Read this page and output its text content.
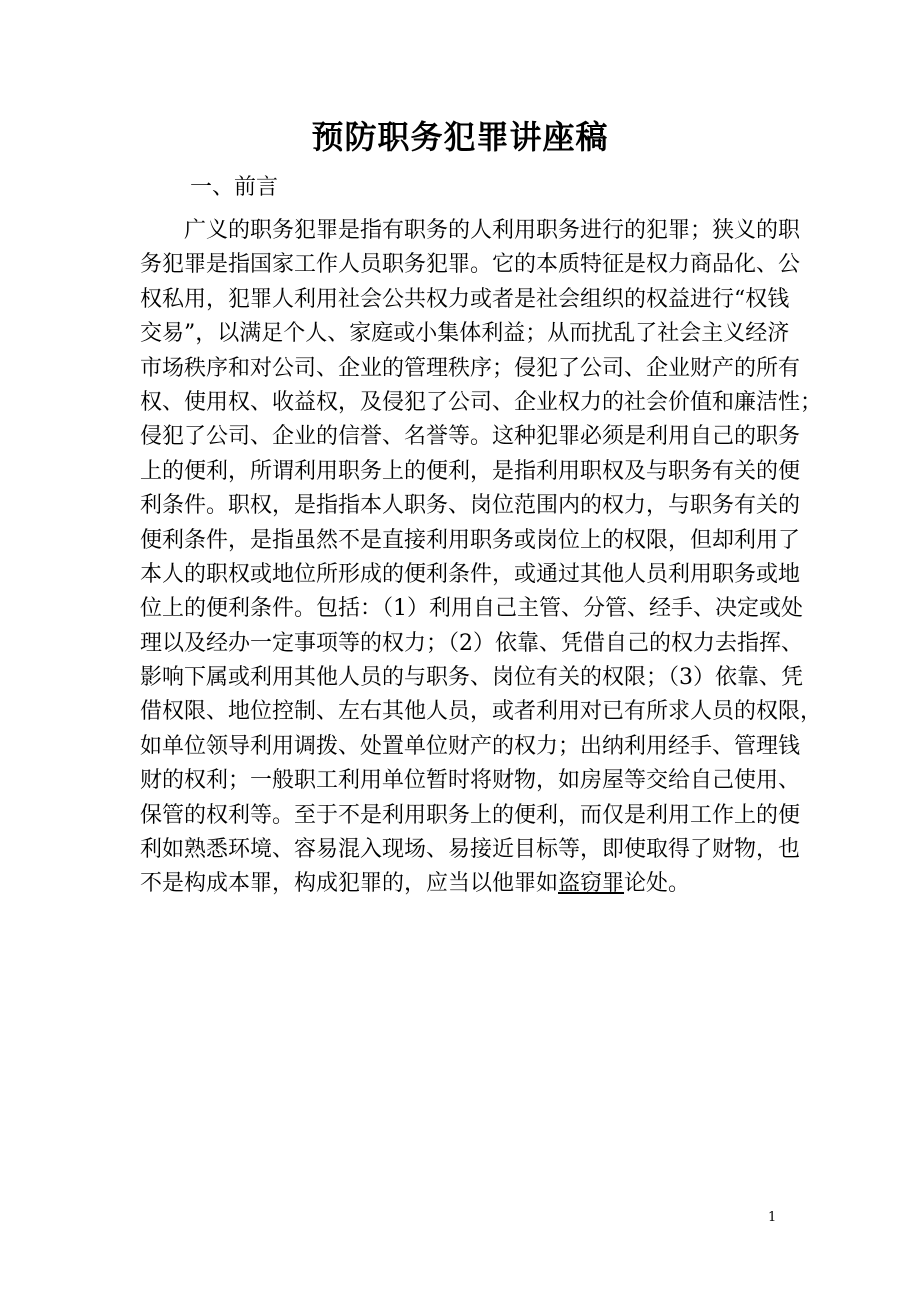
预防职务犯罪讲座稿
一、前言
广义的职务犯罪是指有职务的人利用职务进行的犯罪；狭义的职
务犯罪是指国家工作人员职务犯罪。它的本质特征是权力商品化、公
权私用，犯罪人利用社会公共权力或者是社会组织的权益进行“权钱
交易”，以满足个人、家庭或小集体利益；从而扰乱了社会主义经济
市场秩序和对公司、企业的管理秩序；侵犯了公司、企业财产的所有
权、使用权、收益权，及侵犯了公司、企业权力的社会价值和廉洁性；
侵犯了公司、企业的信誉、名誉等。这种犯罪必须是利用自己的职务
上的便利，所谓利用职务上的便利，是指利用职权及与职务有关的便
利条件。职权，是指指本人职务、岗位范围内的权力，与职务有关的
便利条件，是指虽然不是直接利用职务或岗位上的权限，但却利用了
本人的职权或地位所形成的便利条件，或通过其他人员利用职务或地
位上的便利条件。包括：（1）利用自己主管、分管、经手、决定或处
理以及经办一定事项等的权力；（2）依靠、凭借自己的权力去指挥、
影响下属或利用其他人员的与职务、岗位有关的权限；（3）依靠、凭
借权限、地位控制、左右其他人员，或者利用对已有所求人员的权限，
如单位领导利用调拨、处置单位财产的权力；出纳利用经手、管理钱
财的权利；一般职工利用单位暂时将财物，如房屋等交给自己使用、
保管的权利等。至于不是利用职务上的便利，而仅是利用工作上的便
利如熟悉环境、容易混入现场、易接近目标等，即使取得了财物，也
不是构成本罪，构成犯罪的，应当以他罪如盗窃罪论处。
1
